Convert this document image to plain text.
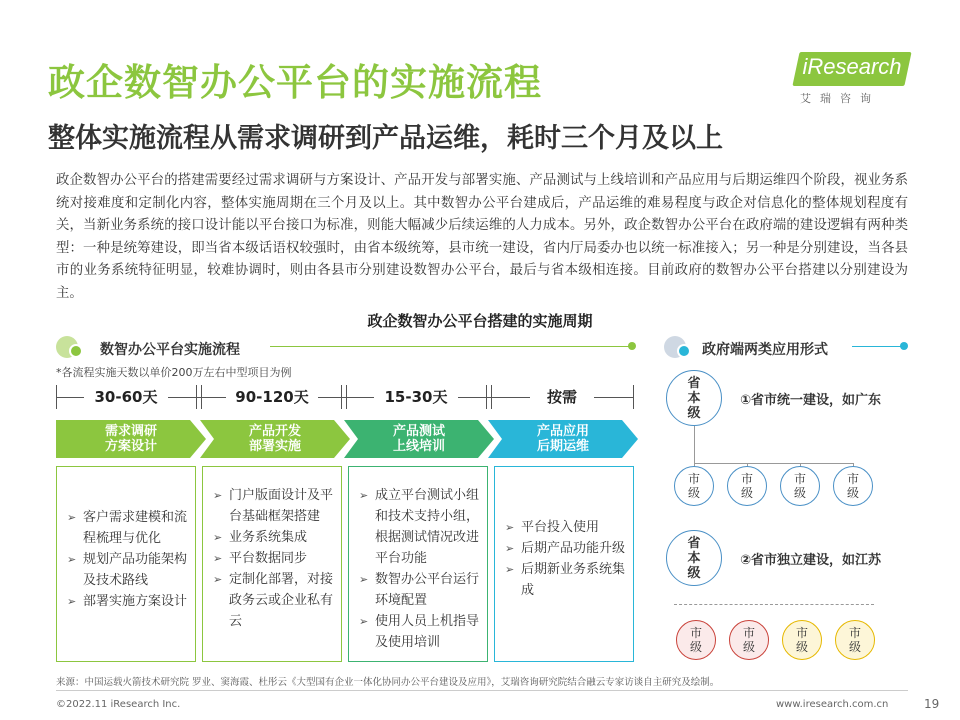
政企数智办公平台的实施流程
整体实施流程从需求调研到产品运维，耗时三个月及以上
iResearch
艾瑞咨询
政企数智办公平台的搭建需要经过需求调研与方案设计、产品开发与部署实施、产品测试与上线培训和产品应用与后期运维四个阶段，视业务系统对接难度和定制化内容，整体实施周期在三个月及以上。其中数智办公平台建成后，产品运维的难易程度与政企对信息化的整体规划程度有关，当新业务系统的接口设计能以平台接口为标准，则能大幅减少后续运维的人力成本。另外，政企数智办公平台在政府端的建设逻辑有两种类型：一种是统筹建设，即当省本级话语权较强时，由省本级统筹，县市统一建设，省内厅局委办也以统一标准接入；另一种是分别建设，当各县市的业务系统特征明显，较难协调时，则由各县市分别建设数智办公平台，最后与省本级相连接。目前政府的数智办公平台搭建以分别建设为主。
政企数智办公平台搭建的实施周期
数智办公平台实施流程
*各流程实施天数以单价200万左右中型项目为例
30-60天	90-120天	15-30天	按需
需求调研
方案设计
产品开发
部署实施
产品测试
上线培训
产品应用
后期运维
➢ 客户需求建模和流程梳理与优化
➢ 规划产品功能架构及技术路线
➢ 部署实施方案设计
➢ 门户版面设计及平台基础框架搭建
➢ 业务系统集成
➢ 平台数据同步
➢ 定制化部署，对接政务云或企业私有云
➢ 成立平台测试小组和技术支持小组，根据测试情况改进平台功能
➢ 数智办公平台运行环境配置
➢ 使用人员上机指导及使用培训
➢ 平台投入使用
➢ 后期产品功能升级
➢ 后期新业务系统集成
政府端两类应用形式
省
本
级
①省市统一建设，如广东
市
级
市
级
市
级
市
级
省
本
级
②省市独立建设，如江苏
市
级
市
级
市
级
市
级
来源：中国运载火箭技术研究院 罗业、窦海霞、杜彤云《大型国有企业一体化协同办公平台建设及应用》，艾瑞咨询研究院结合融云专家访谈自主研究及绘制。
©2022.11 iResearch Inc.	www.iresearch.com.cn	19
